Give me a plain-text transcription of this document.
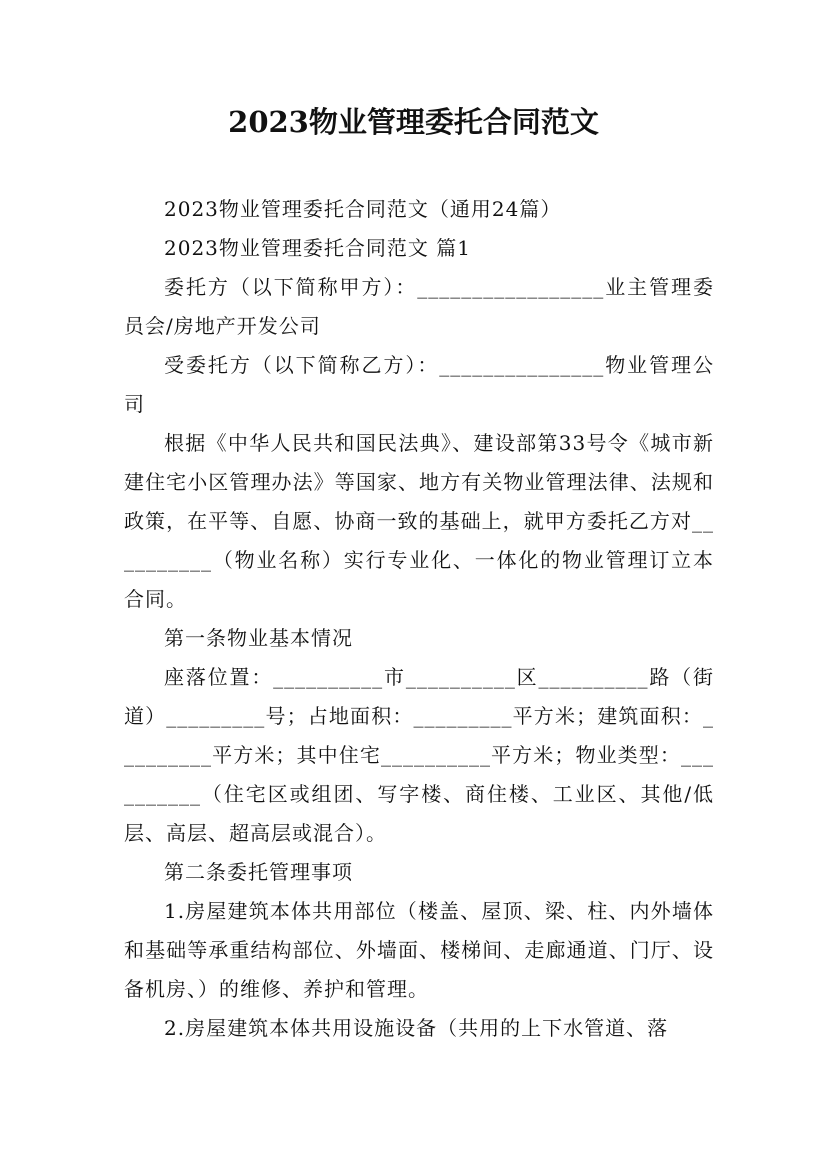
2023物业管理委托合同范文

2023物业管理委托合同范文（通用24篇）

2023物业管理委托合同范文 篇1

委托方（以下简称甲方）：_________________业主管理委员会/房地产开发公司

受委托方（以下简称乙方）：_______________物业管理公司

根据《中华人民共和国民法典》、建设部第33号令《城市新建住宅小区管理办法》等国家、地方有关物业管理法律、法规和政策，在平等、自愿、协商一致的基础上，就甲方委托乙方对__________（物业名称）实行专业化、一体化的物业管理订立本合同。

第一条物业基本情况

座落位置：__________市__________区__________路（街道）_________号；占地面积：_________平方米；建筑面积：_________平方米；其中住宅__________平方米；物业类型：__________（住宅区或组团、写字楼、商住楼、工业区、其他/低层、高层、超高层或混合）。

第二条委托管理事项

1.房屋建筑本体共用部位（楼盖、屋顶、梁、柱、内外墙体和基础等承重结构部位、外墙面、楼梯间、走廊通道、门厅、设备机房、）的维修、养护和管理。

2.房屋建筑本体共用设施设备（共用的上下水管道、落
